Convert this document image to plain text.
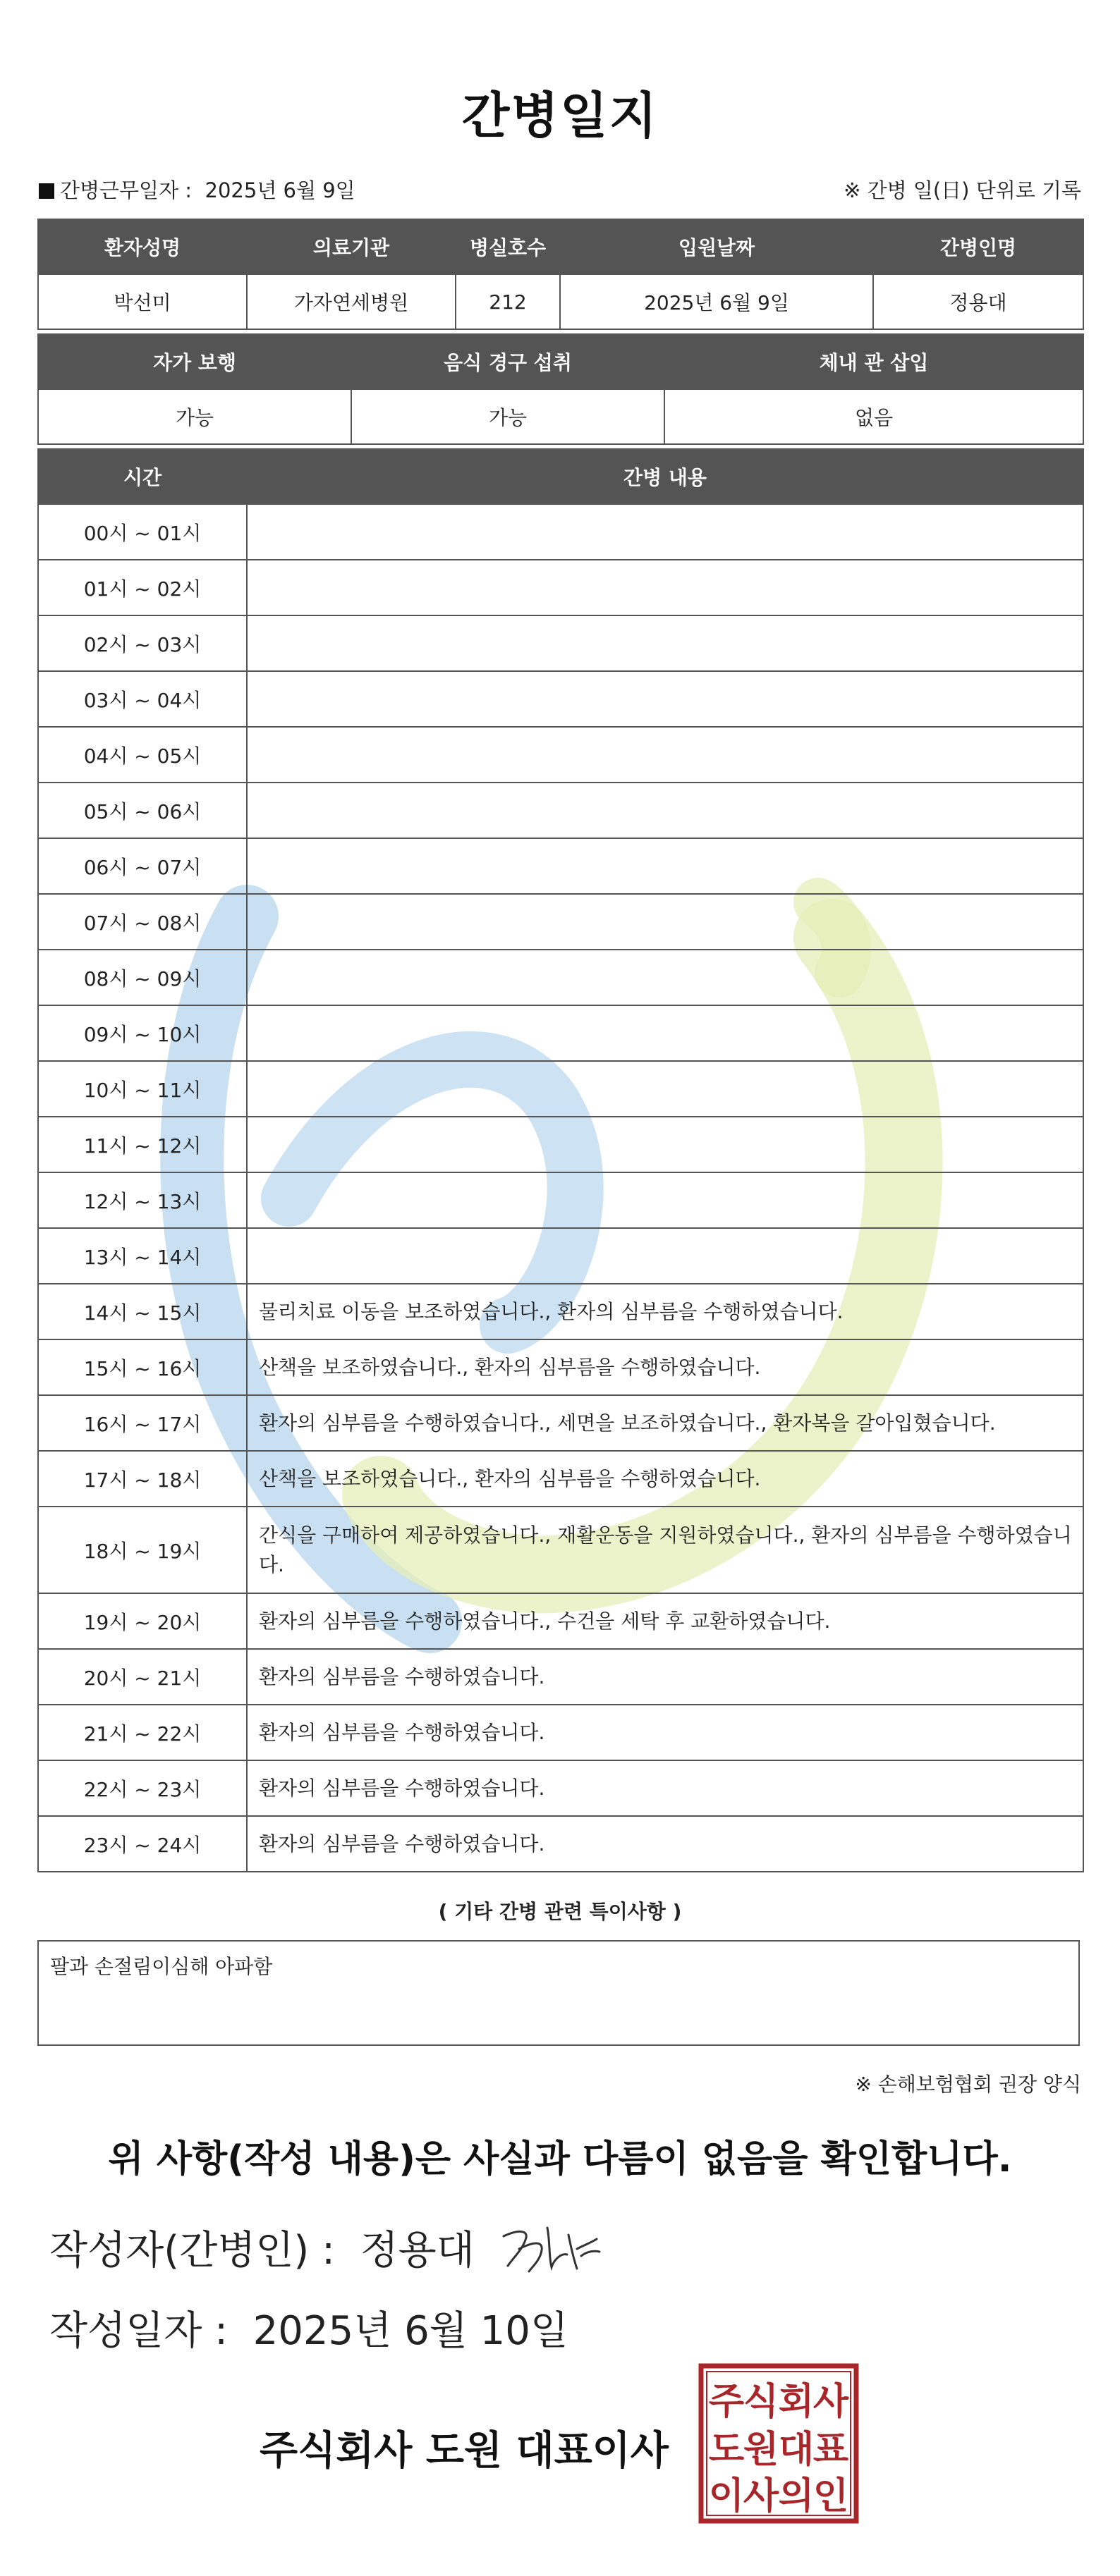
간병일지
간병근무일자 : 2025년 6월 9일	※ 간병 일(日) 단위로 기록
환자성명	의료기관	병실호수	입원날짜	간병인명
박선미	가자연세병원	212	2025년 6월 9일	정용대
자가 보행	음식 경구 섭취	체내 관 삽입
가능	가능	없음
시간	간병 내용
00시 ~ 01시	
01시 ~ 02시	
02시 ~ 03시	
03시 ~ 04시	
04시 ~ 05시	
05시 ~ 06시	
06시 ~ 07시	
07시 ~ 08시	
08시 ~ 09시	
09시 ~ 10시	
10시 ~ 11시	
11시 ~ 12시	
12시 ~ 13시	
13시 ~ 14시	
14시 ~ 15시	물리치료 이동을 보조하였습니다., 환자의 심부름을 수행하였습니다.
15시 ~ 16시	산책을 보조하였습니다., 환자의 심부름을 수행하였습니다.
16시 ~ 17시	환자의 심부름을 수행하였습니다., 세면을 보조하였습니다., 환자복을 갈아입혔습니다.
17시 ~ 18시	산책을 보조하였습니다., 환자의 심부름을 수행하였습니다.
18시 ~ 19시	간식을 구매하여 제공하였습니다., 재활운동을 지원하였습니다., 환자의 심부름을 수행하였습니다.
19시 ~ 20시	환자의 심부름을 수행하였습니다., 수건을 세탁 후 교환하였습니다.
20시 ~ 21시	환자의 심부름을 수행하였습니다.
21시 ~ 22시	환자의 심부름을 수행하였습니다.
22시 ~ 23시	환자의 심부름을 수행하였습니다.
23시 ~ 24시	환자의 심부름을 수행하였습니다.
( 기타 간병 관련 특이사항 )
팔과 손절림이심해 아파함
※ 손해보험협회 권장 양식
위 사항(작성 내용)은 사실과 다름이 없음을 확인합니다.
작성자(간병인) : 정용대
작성일자 : 2025년 6월 10일
주식회사 도원 대표이사
주
식 회
사
도
원 대
표
이
사 의
인
